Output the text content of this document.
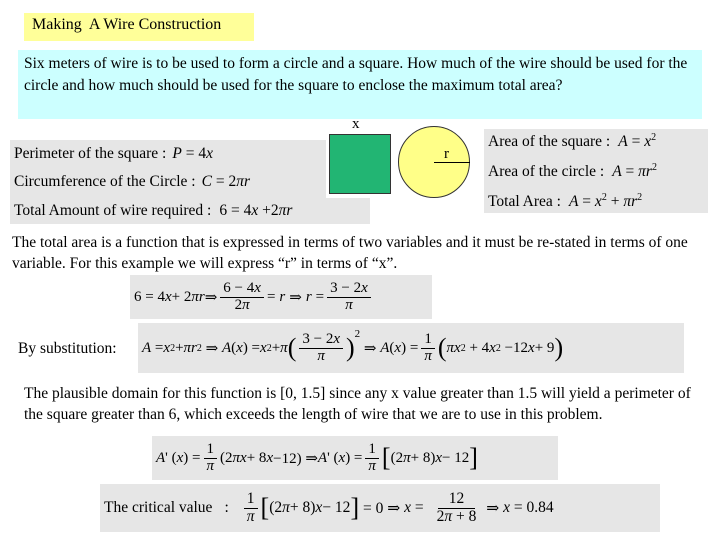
Making  A Wire Construction
Six meters of wire is to be used to form a circle and a square. How much of the wire should be used for the circle and how much should be used for the square to enclose the maximum total area?
Perimeter of the square : P = 4x
Circumference of the Circle : C = 2πr
Total Amount of wire required : 6 = 4x +2πr
x
r
Area of the square : $A = x^2$
Area of the circle : $A = \pi r^2$
Total Area : $A = x^2 + \pi r^2$
The total area is a function that is expressed in terms of two variables and it must be re-stated in terms of one variable. For this example we will express “r” in terms of “x”.
6 = 4 x + 2 πr ⇒ $\frac{6 - 4x}{2\pi} = r$ ⇒ $r = \frac{3 - 2x}{\pi}$
By substitution: A = x 2 + πr 2 ⇒ A ( x ) = x 2 + π ( $\frac{3 - 2x}{\pi}$ ) 2
⇒ A ( x ) = $\frac{1}{\pi}$ ( πx 2 + 4 x 2 −12 x + 9 )
The plausible domain for this function is [0, 1.5] since any x value greater than 1.5 will yield a perimeter of the square greater than 6, which exceeds the length of wire that we are to use in this problem.
A ' ( x ) = $\frac{1}{\pi} (2$ πx + 8 x −12) ⇒ A ' ( x ) = $\frac{1}{\pi}$ [ (2 π + 8) x − 12 ]
The critical value : $\frac{1}{\pi}$ [ (2 π + 8) x − 12 ] = 0 ⇒ $x = \frac{12}{2\pi + 8}$ ⇒ x = 0.84
